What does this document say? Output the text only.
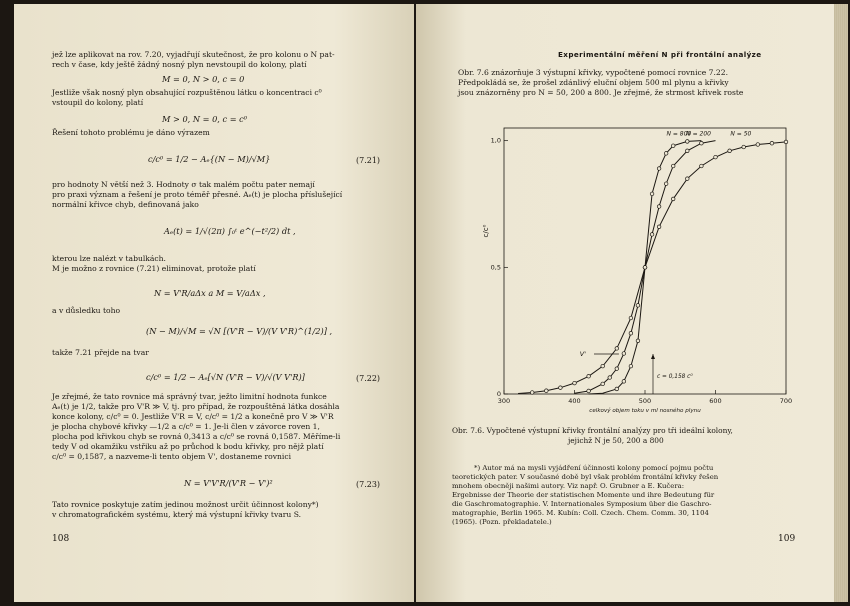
jež lze aplikovat na rov. 7.20, vyjadřují skutečnost, že pro kolonu o N pat-
rech v čase, kdy ještě žádný nosný plyn nevstoupil do kolony, platí
M = 0, N > 0, c = 0
Jestliže však nosný plyn obsahující rozpuštěnou látku o koncentraci c⁰
vstoupil do kolony, platí
M > 0, N = 0, c = c⁰
Řešení tohoto problému je dáno výrazem
c/c⁰ = 1/2 − Aₑ{(N − M)/√M}	(7.21)
pro hodnoty N větší než 3. Hodnoty σ tak malém počtu pater nemají
pro praxi význam a řešení je proto téměř přesné. Aₑ(t) je plocha příslušející
normální křivce chyb, definovaná jako
Aₑ(t) = 1/√(2π) ∫₀ᵗ e^(−t²/2) dt ,
kterou lze nalézt v tabulkách.
M je možno z rovnice (7.21) eliminovat, protože platí
N = V'R/aΔx a M = V/aΔx ,
a v důsledku toho
(N − M)/√M = √N [(V'R − V)/(V V'R)^(1/2)] ,
takže 7.21 přejde na tvar
c/c⁰ = 1/2 − Aₑ[√N (V'R − V)/√(V V'R)]	(7.22)
Je zřejmé, že tato rovnice má správný tvar, ježto limitní hodnota funkce
Aₑ(t) je 1/2, takže pro V'R ≫ V, tj. pro případ, že rozpouštěná látka dosáhla
konce kolony, c/c⁰ = 0. Jestliže V'R = V, c/c⁰ = 1/2 a konečně pro V ≫ V'R
je plocha chybové křivky —1/2 a c/c⁰ = 1. Je-li člen v závorce roven 1,
plocha pod křivkou chyb se rovná 0,3413 a c/c⁰ se rovná 0,1587. Měříme-li
tedy V od okamžiku vstřiku až po průchod k bodu křivky, pro nějž platí
c/c⁰ = 0,1587, a nazveme-li tento objem V', dostaneme rovnici
N = V'V'R/(V'R − V')²	(7.23)
Tato rovnice poskytuje zatím jedinou možnost určit účinnost kolony*)
v chromatografickém systému, který má výstupní křivky tvaru S.
108
Experimentální měření N při frontální analýze
Obr. 7.6 znázorňuje 3 výstupní křivky, vypočtené pomocí rovnice 7.22.
Předpokládá se, že prošel zdánlivý eluční objem 500 ml plynu a křivky
jsou znázorněny pro N = 50, 200 a 800. Je zřejmé, že strmost křivek roste
300	400	500	600	700
0
0,5
1,0
celkový objem toku v ml nosného plynu
c/c⁰
N = 800
N = 200	N = 50
V'
c = 0,158 c⁰
Obr. 7.6. Vypočtené výstupní křivky frontální analýzy pro tři ideální kolony,
jejichž N je 50, 200 a 800
*) Autor má na mysli vyjádření účinnosti kolony pomocí pojmu počtu
teoretických pater. V současné době byl však problém frontální křivky řešen
mnohem obecněji našimi autory. Viz např. O. Grubner a E. Kučera:
Ergebnisse der Theorie der statistischen Momente und ihre Bedeutung für
die Gaschromatographie. V. Internationales Symposium über die Gaschro-
matographie, Berlin 1965. M. Kubín: Coll. Czech. Chem. Comm. 30, 1104
(1965). (Pozn. překladatele.)
109
